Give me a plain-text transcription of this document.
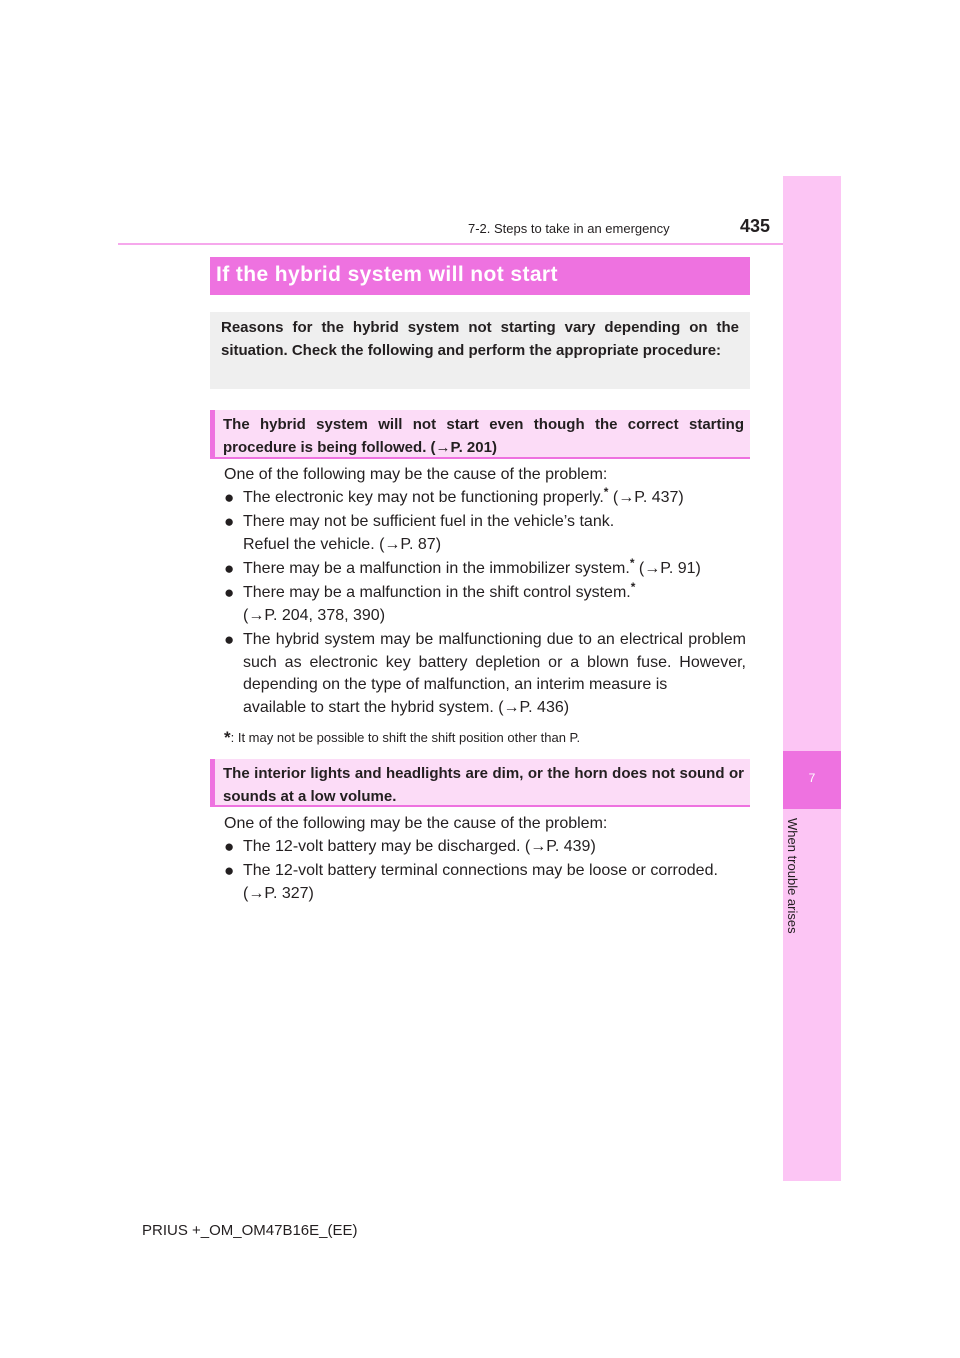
7-2. Steps to take in an emergency	435
7
When trouble arises
If the hybrid system will not start
Reasons for the hybrid system not starting vary depending on the situation. Check the following and perform the appropriate procedure:
The hybrid system will not start even though the correct starting procedure is being followed. (→P. 201)
One of the following may be the cause of the problem:
● The electronic key may not be functioning properly.* (→P. 437)
● There may not be sufficient fuel in the vehicle’s tank.
Refuel the vehicle. (→P. 87)
● There may be a malfunction in the immobilizer system.* (→P. 91)
● There may be a malfunction in the shift control system.*
(→P. 204, 378, 390)
● The hybrid system may be malfunctioning due to an electrical problem such as electronic key battery depletion or a blown fuse. However, depending on the type of malfunction, an interim measure is
available to start the hybrid system. (→P. 436)
*: It may not be possible to shift the shift position other than P.
The interior lights and headlights are dim, or the horn does not sound or sounds at a low volume.
One of the following may be the cause of the problem:
● The 12-volt battery may be discharged. (→P. 439)
● The 12-volt battery terminal connections may be loose or corroded.
(→P. 327)
PRIUS +_OM_OM47B16E_(EE)
